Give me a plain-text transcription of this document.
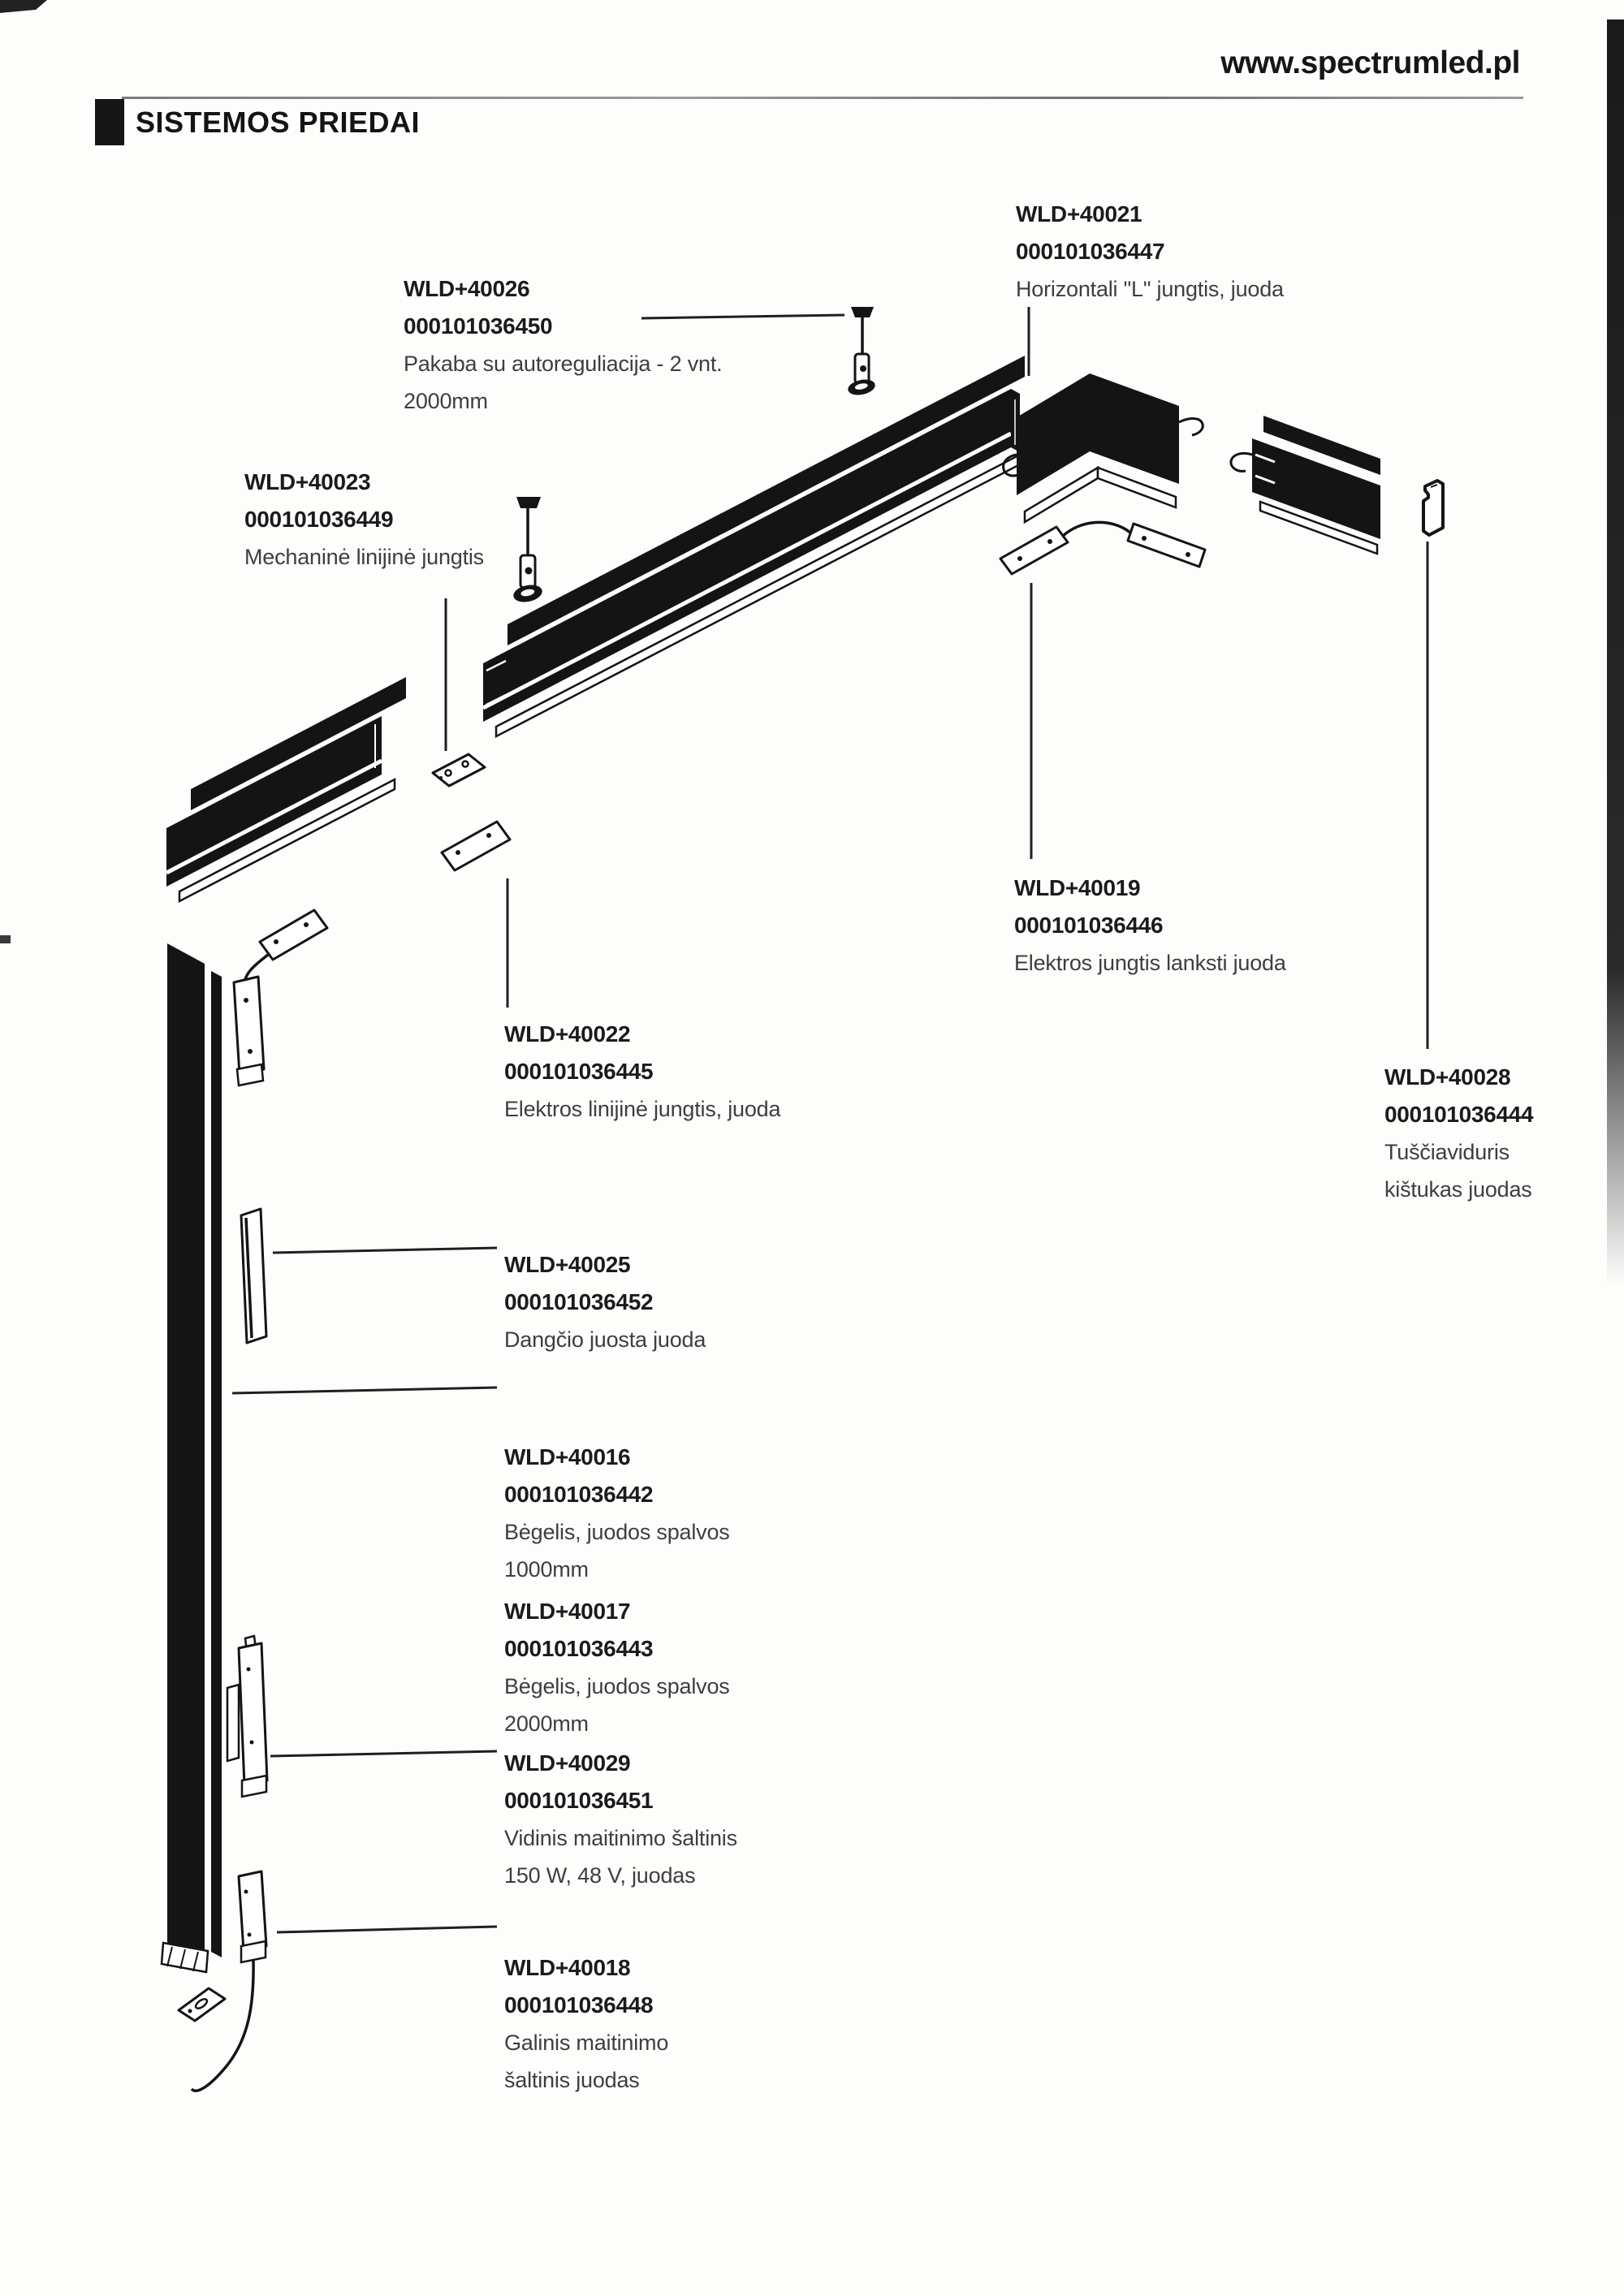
www.spectrumled.pl
SISTEMOS PRIEDAI
WLD+40026
000101036450
Pakaba su autoreguliacija - 2 vnt.
2000mm
WLD+40021
000101036447
Horizontali "L" jungtis, juoda
WLD+40023
000101036449
Mechaninė linijinė jungtis
WLD+40019
000101036446
Elektros jungtis lanksti juoda
WLD+40022
000101036445
Elektros linijinė jungtis, juoda
WLD+40028
000101036444
Tuščiaviduris
kištukas juodas
WLD+40025
000101036452
Dangčio juosta juoda
WLD+40016
000101036442
Bėgelis, juodos spalvos
1000mm
WLD+40017
000101036443
Bėgelis, juodos spalvos
2000mm
WLD+40029
000101036451
Vidinis maitinimo šaltinis
150 W, 48 V, juodas
WLD+40018
000101036448
Galinis maitinimo
šaltinis juodas
